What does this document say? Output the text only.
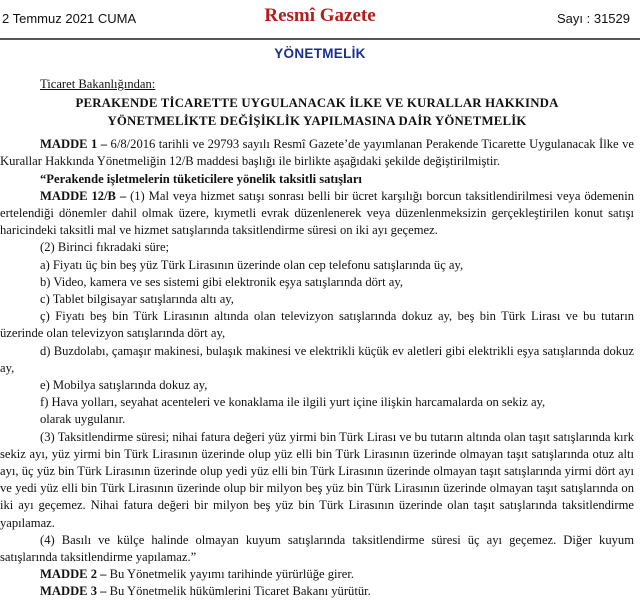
2 Temmuz 2021 CUMA	Resmî Gazete	Sayı : 31529
YÖNETMELİK
Ticaret Bakanlığından:
PERAKENDE TİCARETTE UYGULANACAK İLKE VE KURALLAR HAKKINDA
YÖNETMELİKTE DEĞİŞİKLİK YAPILMASINA DAİR YÖNETMELİK

MADDE 1 – 6/8/2016 tarihli ve 29793 sayılı Resmî Gazete’de yayımlanan Perakende Ticarette Uygulanacak İlke ve Kurallar Hakkında Yönetmeliğin 12/B maddesi başlığı ile birlikte aşağıdaki şekilde değiştirilmiştir.

“Perakende işletmelerin tüketicilere yönelik taksitli satışları

MADDE 12/B – (1) Mal veya hizmet satışı sonrası belli bir ücret karşılığı borcun taksitlendirilmesi veya ödemenin ertelendiği dönemler dahil olmak üzere, kıymetli evrak düzenlenerek veya düzenlenmeksizin gerçekleştirilen konut satışı haricindeki taksitli mal ve hizmet satışlarında taksitlendirme süresi on iki ayı geçemez.

(2) Birinci fıkradaki süre;

a) Fiyatı üç bin beş yüz Türk Lirasının üzerinde olan cep telefonu satışlarında üç ay,

b) Video, kamera ve ses sistemi gibi elektronik eşya satışlarında dört ay,

c) Tablet bilgisayar satışlarında altı ay,

ç) Fiyatı beş bin Türk Lirasının altında olan televizyon satışlarında dokuz ay, beş bin Türk Lirası ve bu tutarın üzerinde olan televizyon satışlarında dört ay,

d) Buzdolabı, çamaşır makinesi, bulaşık makinesi ve elektrikli küçük ev aletleri gibi elektrikli eşya satışlarında dokuz ay,

e) Mobilya satışlarında dokuz ay,

f) Hava yolları, seyahat acenteleri ve konaklama ile ilgili yurt içine ilişkin harcamalarda on sekiz ay,

olarak uygulanır.

(3) Taksitlendirme süresi; nihai fatura değeri yüz yirmi bin Türk Lirası ve bu tutarın altında olan taşıt satışlarında kırk sekiz ayı, yüz yirmi bin Türk Lirasının üzerinde olup yüz elli bin Türk Lirasının üzerinde olmayan taşıt satışlarında otuz altı ayı, üç yüz bin Türk Lirasının üzerinde olup yedi yüz elli bin Türk Lirasının üzerinde olmayan taşıt satışlarında yirmi dört ayı ve yedi yüz elli bin Türk Lirasının üzerinde olup bir milyon beş yüz bin Türk Lirasının üzerinde olmayan taşıt satışlarında on iki ayı geçemez. Nihai fatura değeri bir milyon beş yüz bin Türk Lirasının üzerinde olan taşıt satışlarında taksitlendirme yapılamaz.

(4) Basılı ve külçe halinde olmayan kuyum satışlarında taksitlendirme süresi üç ayı geçemez. Diğer kuyum satışlarında taksitlendirme yapılamaz.”

MADDE 2 – Bu Yönetmelik yayımı tarihinde yürürlüğe girer.

MADDE 3 – Bu Yönetmelik hükümlerini Ticaret Bakanı yürütür.
